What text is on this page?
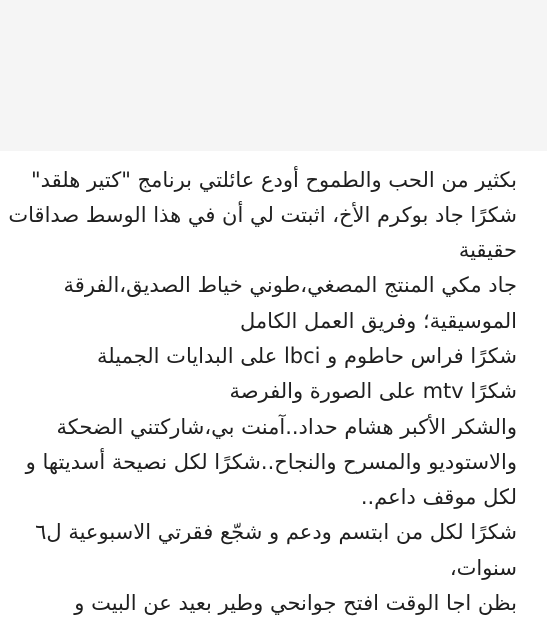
بكثير من الحب والطموح أودع عائلتي برنامج "كتير هلقد"
شكرًا جاد بوكرم الأخ، اثبتت لي أن في هذا الوسط صداقات
حقيقية
جاد مكي المنتج المصغي،طوني خياط الصديق،الفرقة
الموسيقية؛ وفريق العمل الكامل
شكرًا فراس حاطوم و lbci على البدايات الجميلة
شكرًا mtv على الصورة والفرصة
والشكر الأكبر هشام حداد..آمنت بي،شاركتني الضحكة
والاستوديو والمسرح والنجاح..شكرًا لكل نصيحة أسديتها و
لكل موقف داعم..
شكرًا لكل من ابتسم ودعم و شجّع فقرتي الاسبوعية ل٦
سنوات،
بظن اجا الوقت افتح جوانحي وطير بعيد عن البيت و
